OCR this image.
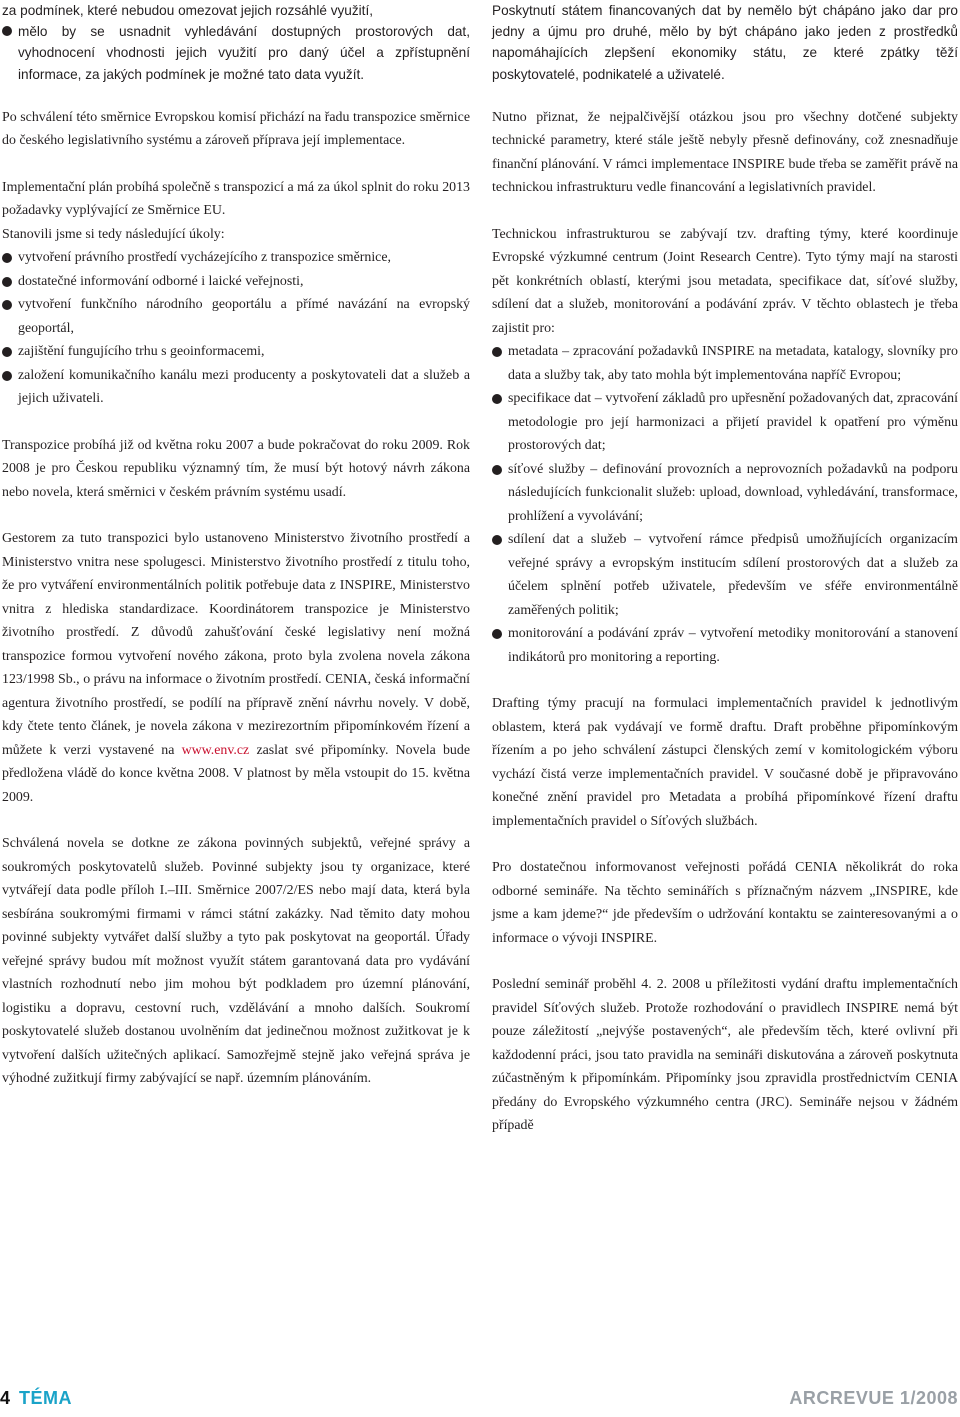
za podmínek, které nebudou omezovat jejich rozsáhlé využití,
mělo by se usnadnit vyhledávání dostupných prostorových dat, vyhodnocení vhodnosti jejich využití pro daný účel a zpřístupnění informace, za jakých podmínek je možné tato data využít.

Po schválení této směrnice Evropskou komisí přichází na řadu transpozice směrnice do českého legislativního systému a zároveň příprava její implementace.

Implementační plán probíhá společně s transpozicí a má za úkol splnit do roku 2013 požadavky vyplývající ze Směrnice EU.

Stanovili jsme si tedy následující úkoly:

vytvoření právního prostředí vycházejícího z transpozice směrnice,

dostatečné informování odborné i laické veřejnosti,

vytvoření funkčního národního geoportálu a přímé navázání na evropský geoportál,

zajištění fungujícího trhu s geoinformacemi,

založení komunikačního kanálu mezi producenty a poskytovateli dat a služeb a jejich uživateli.

Transpozice probíhá již od května roku 2007 a bude pokračovat do roku 2009. Rok 2008 je pro Českou republiku významný tím, že musí být hotový návrh zákona nebo novela, která směrnici v českém právním systému usadí.

Gestorem za tuto transpozici bylo ustanoveno Ministerstvo životního prostředí a Ministerstvo vnitra nese spolugesci. Ministerstvo životního prostředí z titulu toho, že pro vytváření environmentálních politik potřebuje data z INSPIRE, Ministerstvo vnitra z hlediska standardizace. Koordinátorem transpozice je Ministerstvo životního prostředí. Z důvodů zahušťování české legislativy není možná transpozice formou vytvoření nového zákona, proto byla zvolena novela zákona 123/1998 Sb., o právu na informace o životním prostředí. CENIA, česká informační agentura životního prostředí, se podílí na přípravě znění návrhu novely. V době, kdy čtete tento článek, je novela zákona v mezirezortním připomínkovém řízení a můžete k verzi vystavené na www.env.cz zaslat své připomínky. Novela bude předložena vládě do konce května 2008. V platnost by měla vstoupit do 15. května 2009.

Schválená novela se dotkne ze zákona povinných subjektů, veřejné správy a soukromých poskytovatelů služeb. Povinné subjekty jsou ty organizace, které vytvářejí data podle příloh I.–III. Směrnice 2007/2/ES nebo mají data, která byla sesbírána soukromými firmami v rámci státní zakázky. Nad těmito daty mohou povinné subjekty vytvářet další služby a tyto pak poskytovat na geoportál. Úřady veřejné správy budou mít možnost využít státem garantovaná data pro vydávání vlastních rozhodnutí nebo jim mohou být podkladem pro územní plánování, logistiku a dopravu, cestovní ruch, vzdělávání a mnoho dalších. Soukromí poskytovatelé služeb dostanou uvolněním dat jedinečnou možnost zužitkovat je k vytvoření dalších užitečných aplikací. Samozřejmě stejně jako veřejná správa je výhodné zužitkují firmy zabývající se např. územním plánováním.

Poskytnutí státem financovaných dat by nemělo být chápáno jako dar pro jedny a újmu pro druhé, mělo by být chápáno jako jeden z prostředků napomáhajících zlepšení ekonomiky státu, ze které zpátky těží poskytovatelé, podnikatelé a uživatelé.

Nutno přiznat, že nejpalčivější otázkou jsou pro všechny dotčené subjekty technické parametry, které stále ještě nebyly přesně definovány, což znesnadňuje finanční plánování. V rámci implementace INSPIRE bude třeba se zaměřit právě na technickou infrastrukturu vedle financování a legislativních pravidel.

Technickou infrastrukturou se zabývají tzv. drafting týmy, které koordinuje Evropské výzkumné centrum (Joint Research Centre). Tyto týmy mají na starosti pět konkrétních oblastí, kterými jsou metadata, specifikace dat, síťové služby, sdílení dat a služeb, monitorování a podávání zpráv. V těchto oblastech je třeba zajistit pro:

metadata – zpracování požadavků INSPIRE na metadata, katalogy, slovníky pro data a služby tak, aby tato mohla být implementována napříč Evropou;

specifikace dat – vytvoření základů pro upřesnění požadovaných dat, zpracování metodologie pro její harmonizaci a přijetí pravidel k opatření pro výměnu prostorových dat;

síťové služby – definování provozních a neprovozních požadavků na podporu následujících funkcionalit služeb: upload, download, vyhledávání, transformace, prohlížení a vyvolávání;

sdílení dat a služeb – vytvoření rámce předpisů umožňujících organizacím veřejné správy a evropským institucím sdílení prostorových dat a služeb za účelem splnění potřeb uživatele, především ve sféře environmentálně zaměřených politik;

monitorování a podávání zpráv – vytvoření metodiky monitorování a stanovení indikátorů pro monitoring a reporting.

Drafting týmy pracují na formulaci implementačních pravidel k jednotlivým oblastem, která pak vydávají ve formě draftu. Draft proběhne připomínkovým řízením a po jeho schválení zástupci členských zemí v komitologickém výboru vychází čistá verze implementačních pravidel. V současné době je připravováno konečné znění pravidel pro Metadata a probíhá připomínkové řízení draftu implementačních pravidel o Síťových službách.

Pro dostatečnou informovanost veřejnosti pořádá CENIA několikrát do roka odborné semináře. Na těchto seminářích s příznačným názvem „INSPIRE, kde jsme a kam jdeme?“ jde především o udržování kontaktu se zainteresovanými a o informace o vývoji INSPIRE.

Poslední seminář proběhl 4. 2. 2008 u příležitosti vydání draftu implementačních pravidel Síťových služeb. Protože rozhodování o pravidlech INSPIRE nemá být pouze záležitostí „nejvýše postavených“, ale především těch, které ovlivní při každodenní práci, jsou tato pravidla na semináři diskutována a zároveň poskytnuta zúčastněným k připomínkám. Připomínky jsou zpravidla prostřednictvím CENIA předány do Evropského výzkumného centra (JRC). Semináře nejsou v žádném případě

4 TÉMA	ARCREVUE 1/2008
